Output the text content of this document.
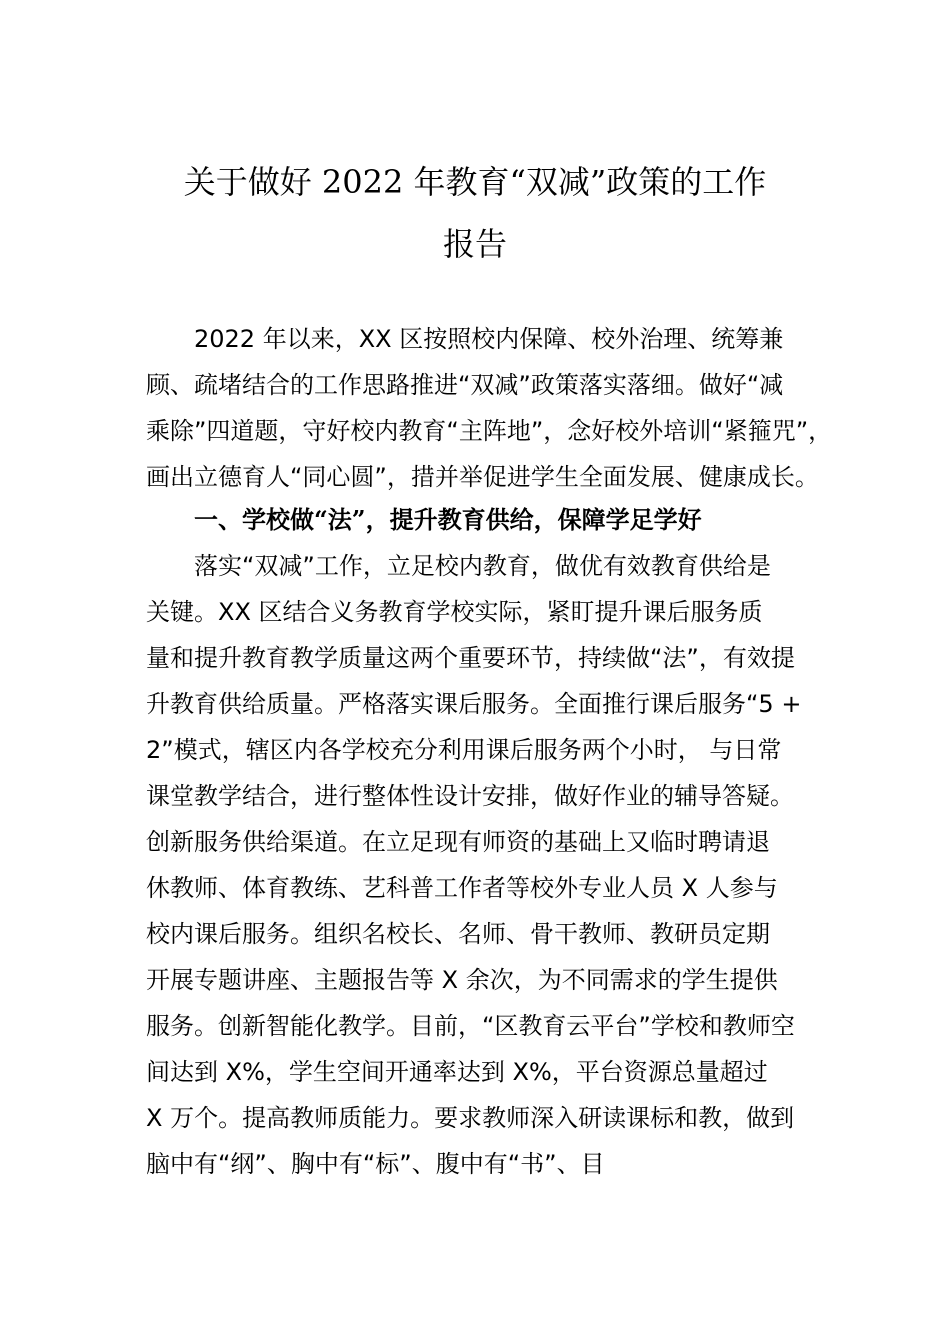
关于做好 2022 年教育“双减”政策的工作
报告

2022 年以来，XX 区按照校内保障、校外治理、统筹兼

顾、疏堵结合的工作思路推进“双减”政策落实落细。做好“减

乘除”四道题，守好校内教育“主阵地”，念好校外培训“紧箍咒”，

画出立德育人“同心圆”，措并举促进学生全面发展、健康成长。

一、学校做“法”，提升教育供给，保障学足学好

落实“双减”工作，立足校内教育，做优有效教育供给是

关键。XX 区结合义务教育学校实际，紧盯提升课后服务质

量和提升教育教学质量这两个重要环节，持续做“法”，有效提

升教育供给质量。严格落实课后服务。全面推行课后服务“5 +

2”模式，辖区内各学校充分利用课后服务两个小时， 与日常

课堂教学结合，进行整体性设计安排，做好作业的辅导答疑。

创新服务供给渠道。在立足现有师资的基础上又临时聘请退

休教师、体育教练、艺科普工作者等校外专业人员 X 人参与

校内课后服务。组织名校长、名师、骨干教师、教研员定期

开展专题讲座、主题报告等 X 余次，为不同需求的学生提供

服务。创新智能化教学。目前，“区教育云平台”学校和教师空

间达到 X%，学生空间开通率达到 X%，平台资源总量超过

X 万个。提高教师质能力。要求教师深入研读课标和教，做到

脑中有“纲”、胸中有“标”、腹中有“书”、目
